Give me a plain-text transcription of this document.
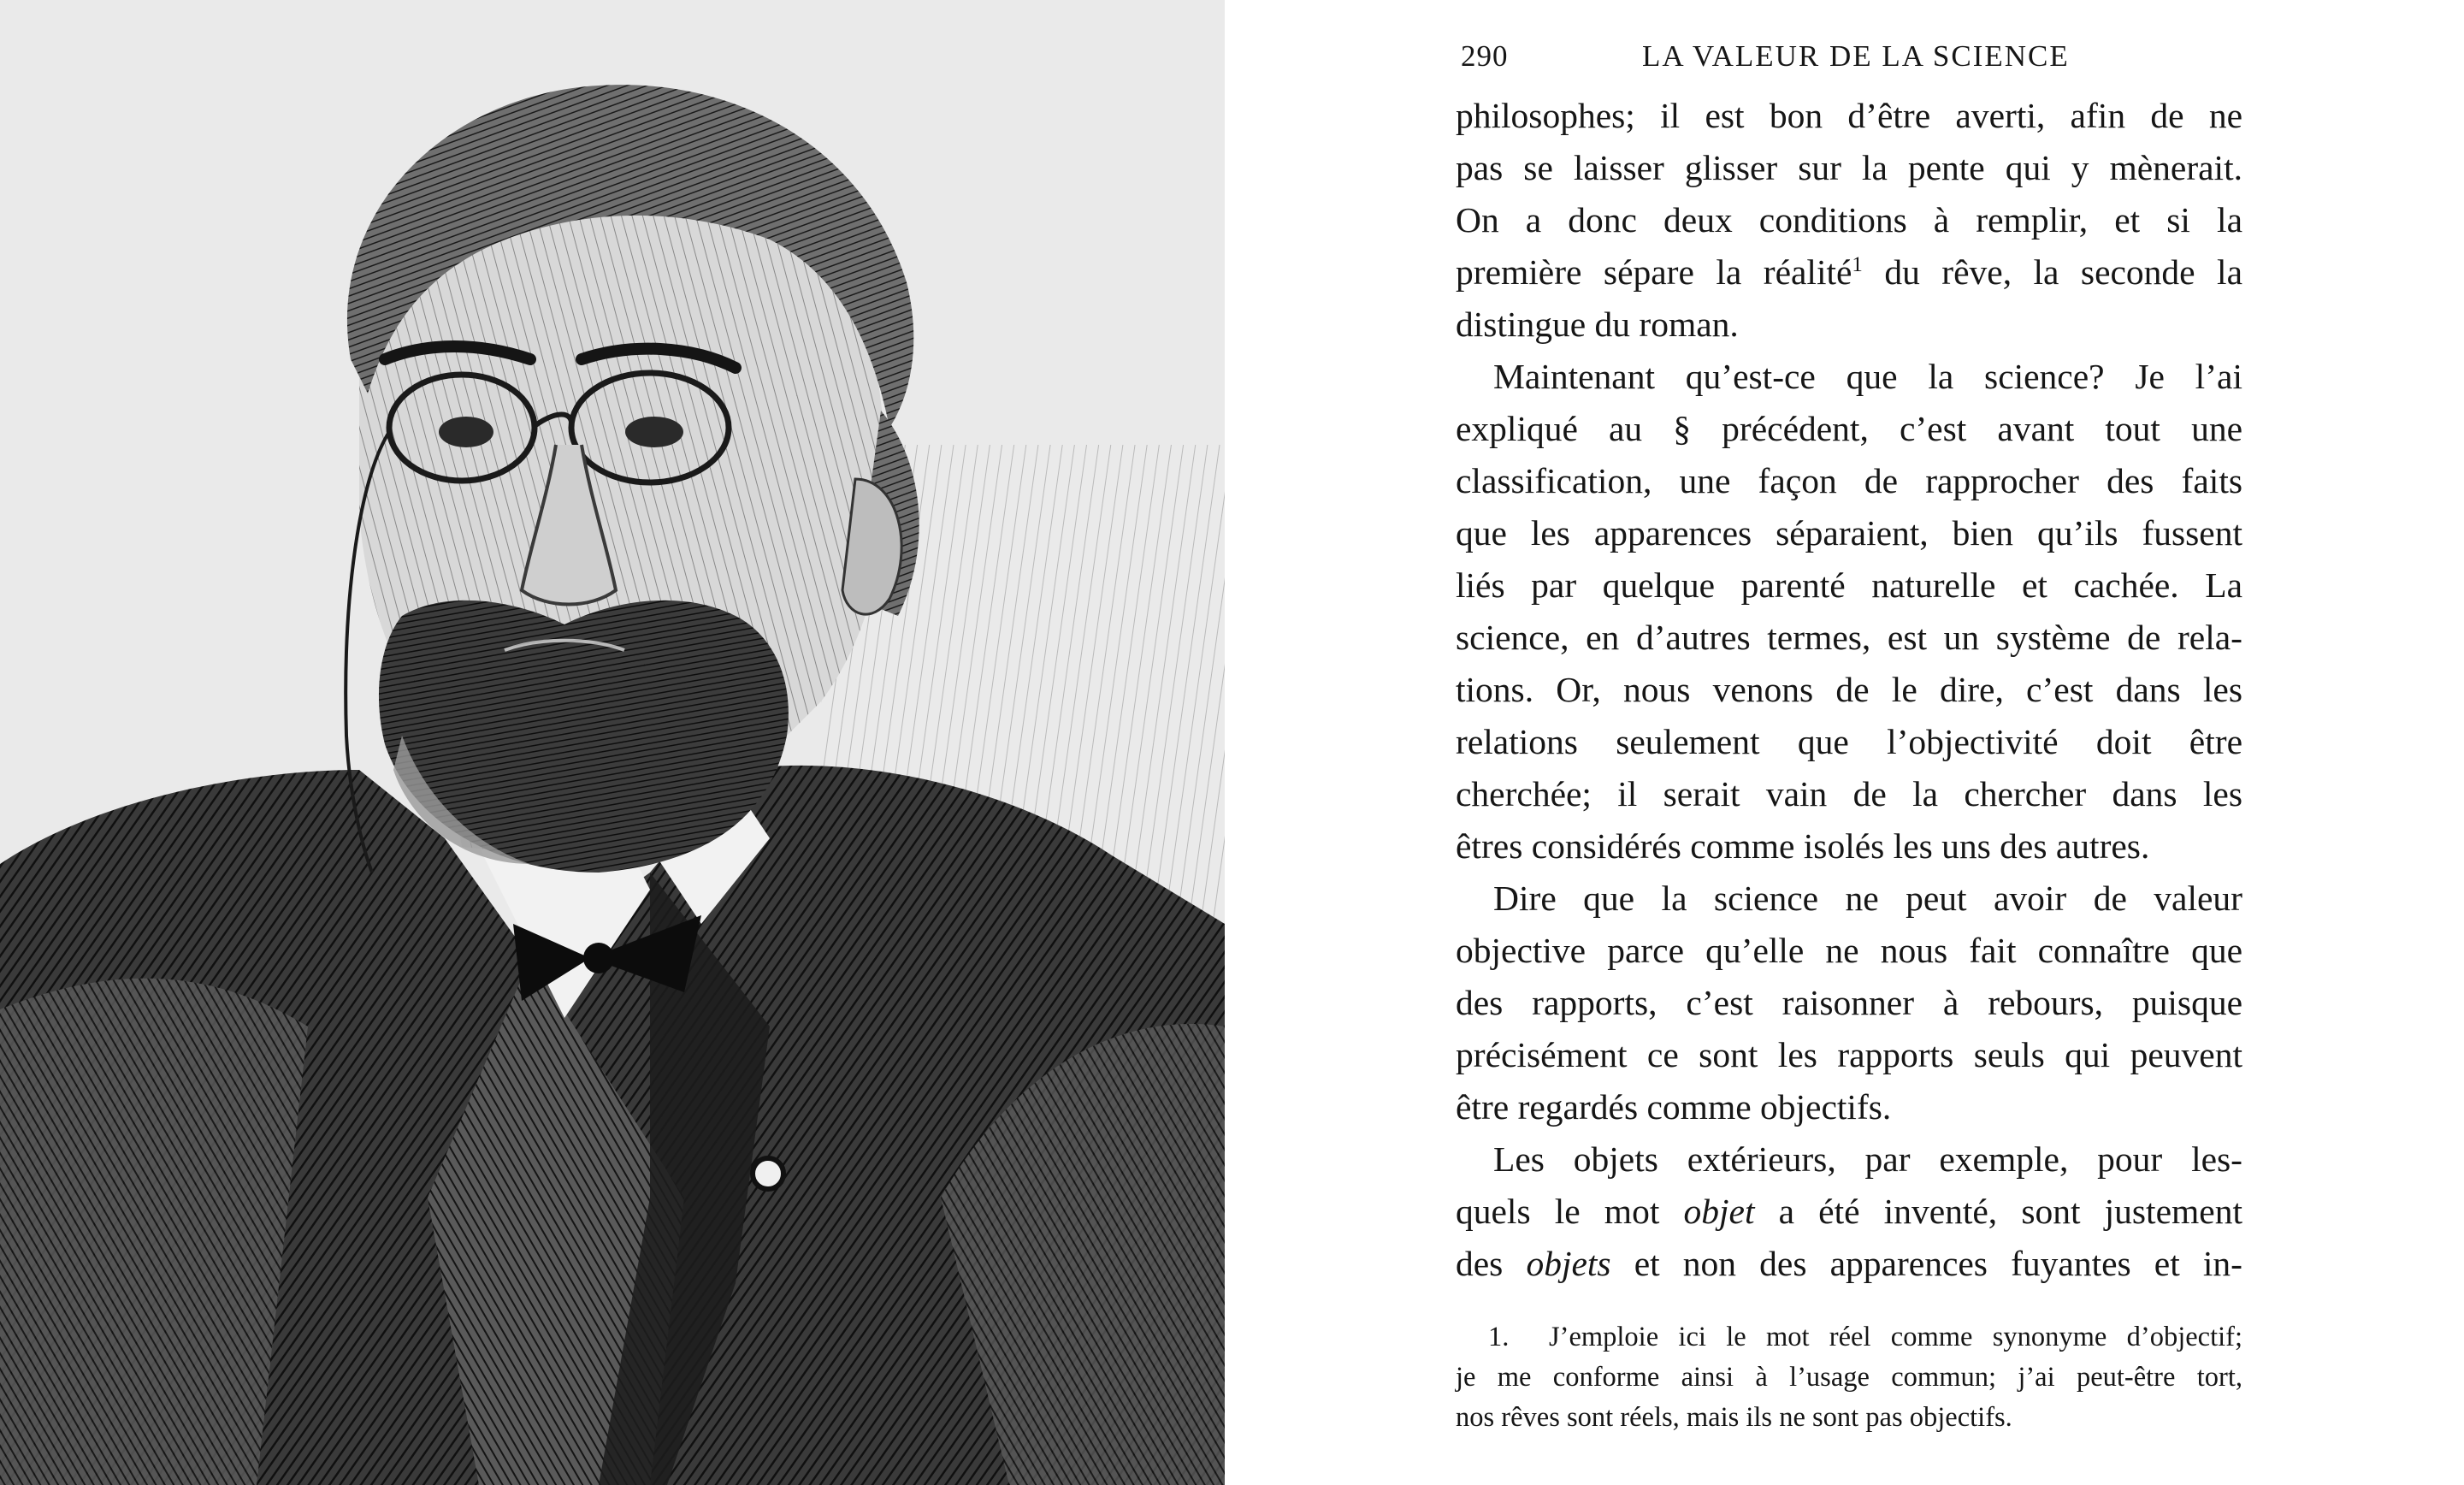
290	LA VALEUR DE LA SCIENCE

philosophes; il est bon d’être averti, afin de ne
pas se laisser glisser sur la pente qui y mènerait.
On a donc deux conditions à remplir, et si la
première sépare la réalité$^1$ du rêve, la seconde la
distingue du roman.

Maintenant qu’est-ce que la science? Je l’ai
expliqué au § précédent, c’est avant tout une
classification, une façon de rapprocher des faits
que les apparences séparaient, bien qu’ils fussent
liés par quelque parenté naturelle et cachée. La
science, en d’autres termes, est un système de rela-
tions. Or, nous venons de le dire, c’est dans les
relations seulement que l’objectivité doit être
cherchée; il serait vain de la chercher dans les
êtres considérés comme isolés les uns des autres.

Dire que la science ne peut avoir de valeur
objective parce qu’elle ne nous fait connaître que
des rapports, c’est raisonner à rebours, puisque
précisément ce sont les rapports seuls qui peuvent
être regardés comme objectifs.

Les objets extérieurs, par exemple, pour les-
quels le mot objet a été inventé, sont justement
des objets et non des apparences fuyantes et in-

1. J’emploie ici le mot réel comme synonyme d’objectif;
je me conforme ainsi à l’usage commun; j’ai peut-être tort,
nos rêves sont réels, mais ils ne sont pas objectifs.
